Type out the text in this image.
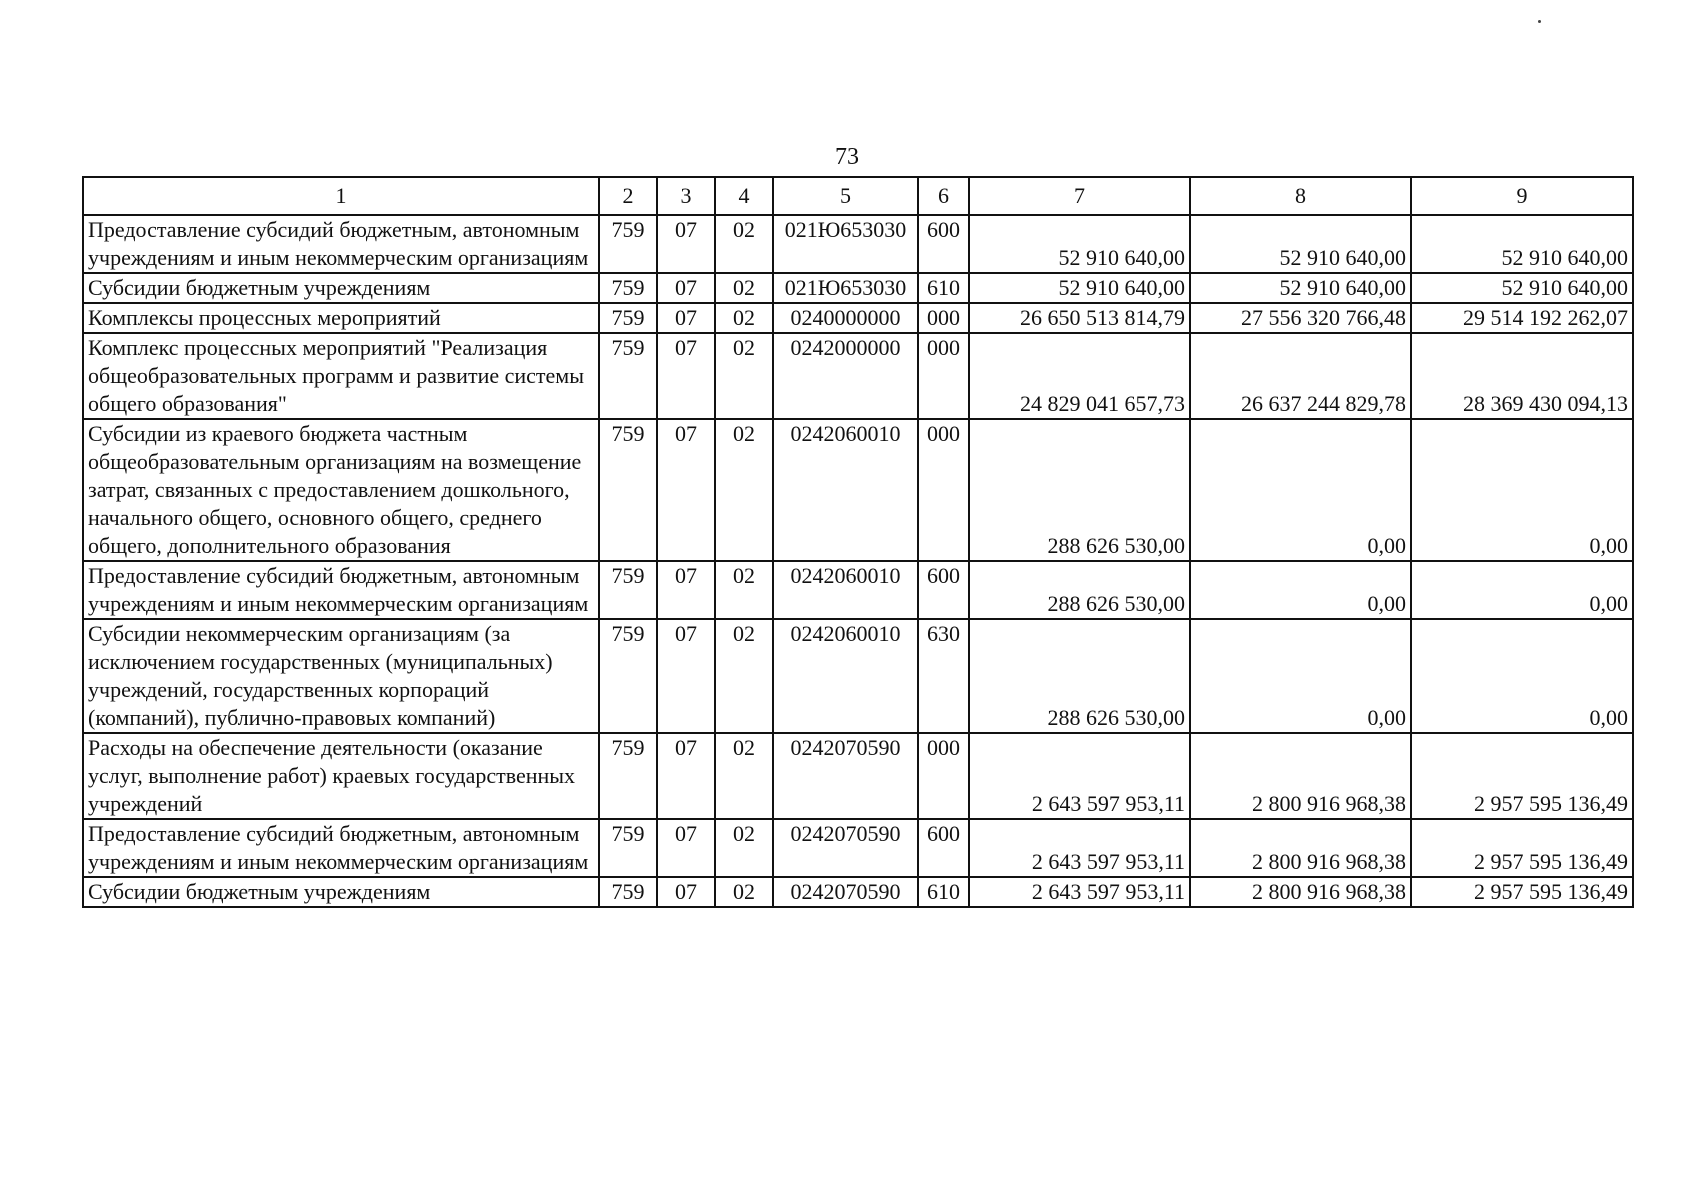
73
1	2	3	4	5	6	7	8	9
Предоставление субсидий бюджетным, автономным учреждениям и иным некоммерческим организациям	759	07	02	021Ю653030	600	52 910 640,00	52 910 640,00	52 910 640,00
Субсидии бюджетным учреждениям	759	07	02	021Ю653030	610	52 910 640,00	52 910 640,00	52 910 640,00
Комплексы процессных мероприятий	759	07	02	0240000000	000	26 650 513 814,79	27 556 320 766,48	29 514 192 262,07
Комплекс процессных мероприятий "Реализация общеобразовательных программ и развитие системы общего образования"	759	07	02	0242000000	000	24 829 041 657,73	26 637 244 829,78	28 369 430 094,13
Субсидии из краевого бюджета частным общеобразовательным организациям на возмещение затрат, связанных с предоставлением дошкольного, начального общего, основного общего, среднего общего, дополнительного образования	759	07	02	0242060010	000	288 626 530,00	0,00	0,00
Предоставление субсидий бюджетным, автономным учреждениям и иным некоммерческим организациям	759	07	02	0242060010	600	288 626 530,00	0,00	0,00
Субсидии некоммерческим организациям (за исключением государственных (муниципальных) учреждений, государственных корпораций (компаний), публично-правовых компаний)	759	07	02	0242060010	630	288 626 530,00	0,00	0,00
Расходы на обеспечение деятельности (оказание услуг, выполнение работ) краевых государственных учреждений	759	07	02	0242070590	000	2 643 597 953,11	2 800 916 968,38	2 957 595 136,49
Предоставление субсидий бюджетным, автономным учреждениям и иным некоммерческим организациям	759	07	02	0242070590	600	2 643 597 953,11	2 800 916 968,38	2 957 595 136,49
Субсидии бюджетным учреждениям	759	07	02	0242070590	610	2 643 597 953,11	2 800 916 968,38	2 957 595 136,49
